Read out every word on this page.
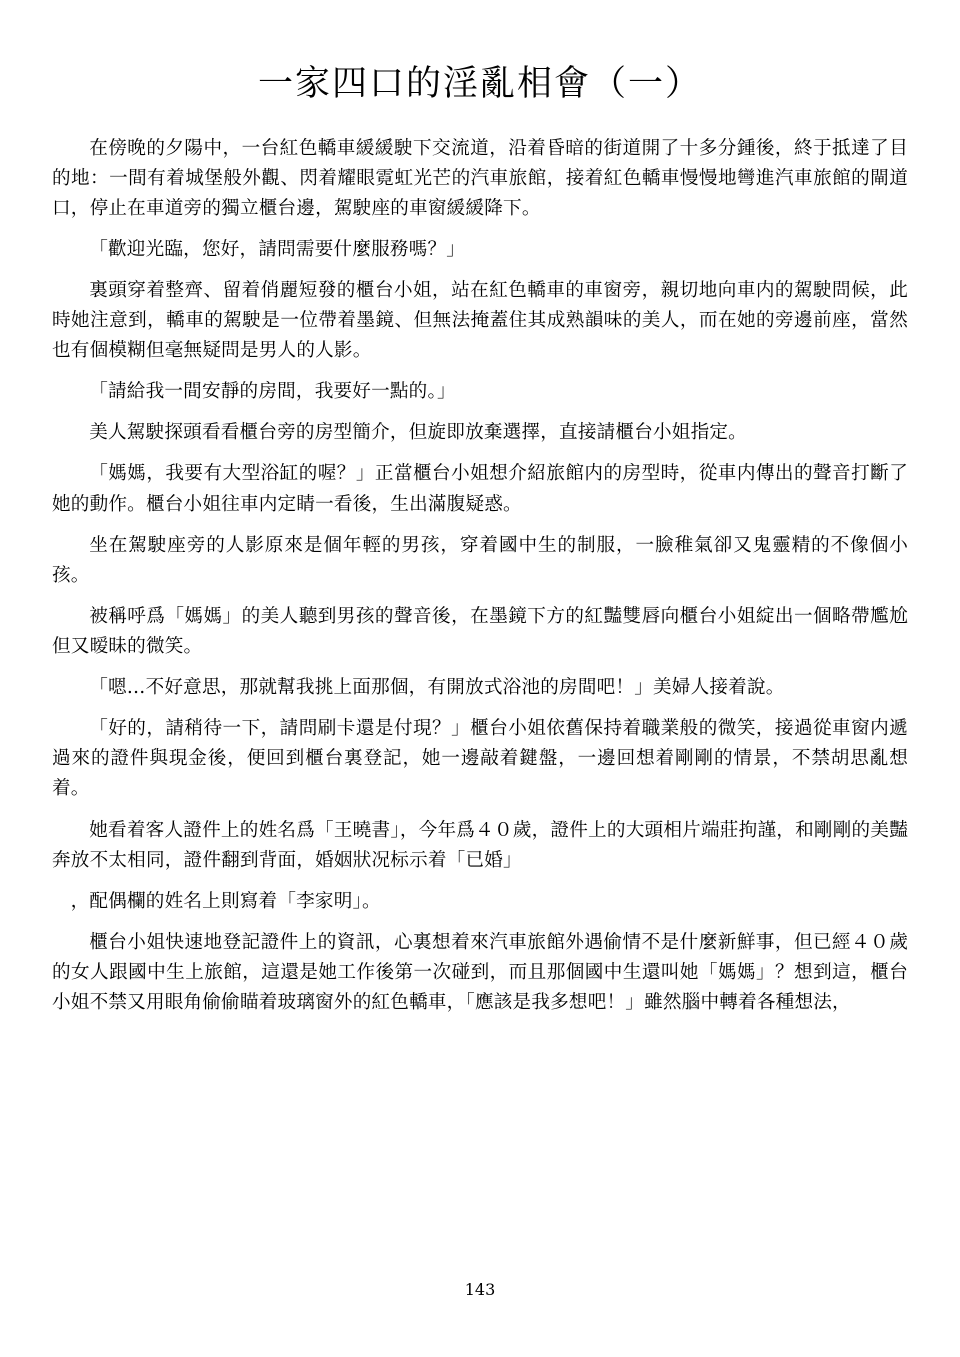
一家四口的淫亂相會（一）

在傍晚的夕陽中，一台紅色轎車緩緩駛下交流道，沿着昏暗的街道開了十多分鍾後，終于抵達了目的地：一間有着城堡般外觀、閃着耀眼霓虹光芒的汽車旅館，接着紅色轎車慢慢地彎進汽車旅館的閘道口，停止在車道旁的獨立櫃台邊，駕駛座的車窗緩緩降下。

「歡迎光臨，您好，請問需要什麼服務嗎？」

裏頭穿着整齊、留着俏麗短發的櫃台小姐，站在紅色轎車的車窗旁，親切地向車内的駕駛問候，此時她注意到，轎車的駕駛是一位帶着墨鏡、但無法掩蓋住其成熟韻味的美人，而在她的旁邊前座，當然也有個模糊但毫無疑問是男人的人影。

「請給我一間安靜的房間，我要好一點的。」

美人駕駛探頭看看櫃台旁的房型簡介，但旋即放棄選擇，直接請櫃台小姐指定。

「媽媽，我要有大型浴缸的喔？」正當櫃台小姐想介紹旅館内的房型時，從車内傳出的聲音打斷了她的動作。櫃台小姐往車内定睛一看後，生出滿腹疑惑。

坐在駕駛座旁的人影原來是個年輕的男孩，穿着國中生的制服，一臉稚氣卻又鬼靈精的不像個小孩。

被稱呼爲「媽媽」的美人聽到男孩的聲音後，在墨鏡下方的紅豔雙唇向櫃台小姐綻出一個略帶尷尬但又暧昧的微笑。

「嗯…不好意思，那就幫我挑上面那個，有開放式浴池的房間吧！」美婦人接着說。

「好的，請稍待一下，請問刷卡還是付現？」櫃台小姐依舊保持着職業般的微笑，接過從車窗内遞過來的證件與現金後，便回到櫃台裏登記，她一邊敲着鍵盤，一邊回想着剛剛的情景，不禁胡思亂想着。

她看着客人證件上的姓名爲「王曉書」，今年爲４０歲，證件上的大頭相片端莊拘謹，和剛剛的美豔奔放不太相同，證件翻到背面，婚姻狀况标示着「已婚」

，配偶欄的姓名上則寫着「李家明」。

櫃台小姐快速地登記證件上的資訊，心裏想着來汽車旅館外遇偷情不是什麼新鮮事，但已經４０歲的女人跟國中生上旅館，這還是她工作後第一次碰到，而且那個國中生還叫她「媽媽」？想到這，櫃台小姐不禁又用眼角偷偷瞄着玻璃窗外的紅色轎車，「應該是我多想吧！」雖然腦中轉着各種想法，

143
